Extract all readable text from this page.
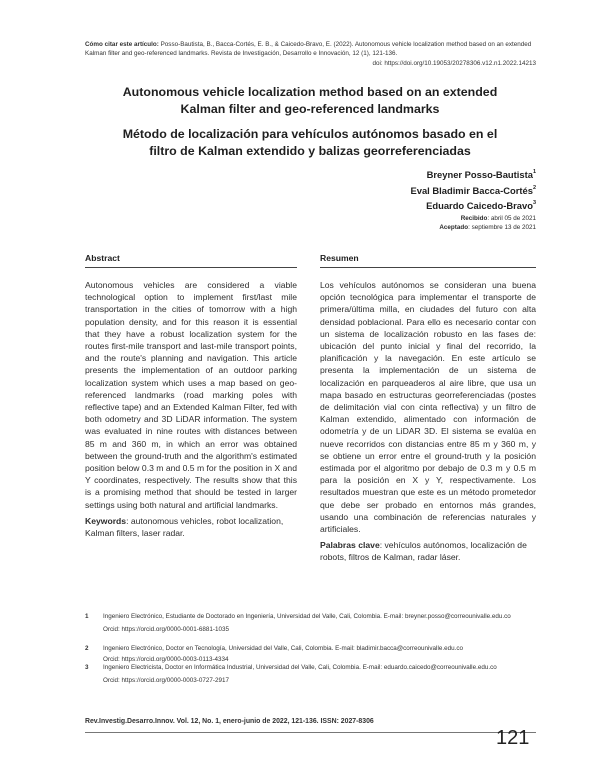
Cómo citar este artículo: Posso-Bautista, B., Bacca-Cortés, E. B., & Caicedo-Bravo, E. (2022). Autonomous vehicle localization method based on an extended Kalman filter and geo-referenced landmarks. Revista de Investigación, Desarrollo e Innovación, 12 (1), 121-136.
doi: https://doi.org/10.19053/20278306.v12.n1.2022.14213
Autonomous vehicle localization method based on an extended Kalman filter and geo-referenced landmarks
Método de localización para vehículos autónomos basado en el filtro de Kalman extendido y balizas georreferenciadas
Breyner Posso-Bautista$^1$
Eval Bladimir Bacca-Cortés$^2$
Eduardo Caicedo-Bravo$^3$
Recibido: abril 05 de 2021
Aceptado: septiembre 13 de 2021
Abstract

Autonomous vehicles are considered a viable technological option to implement first/last mile transportation in the cities of tomorrow with a high population density, and for this reason it is essential that they have a robust localization system for the routes first-mile transport and last-mile transport points, and the route's planning and navigation. This article presents the implementation of an outdoor parking localization system which uses a map based on geo-referenced landmarks (road marking poles with reflective tape) and an Extended Kalman Filter, fed with both odometry and 3D LiDAR information. The system was evaluated in nine routes with distances between 85 m and 360 m, in which an error was obtained between the ground-truth and the algorithm's estimated position below 0.3 m and 0.5 m for the position in X and Y coordinates, respectively. The results show that this is a promising method that should be tested in larger settings using both natural and artificial landmarks.

Keywords: autonomous vehicles, robot localization, Kalman filters, laser radar.

Resumen

Los vehículos autónomos se consideran una buena opción tecnológica para implementar el transporte de primera/última milla, en ciudades del futuro con alta densidad poblacional. Para ello es necesario contar con un sistema de localización robusto en las fases de: ubicación del punto inicial y final del recorrido, la planificación y la navegación. En este artículo se presenta la implementación de un sistema de localización en parqueaderos al aire libre, que usa un mapa basado en estructuras georreferenciadas (postes de delimitación vial con cinta reflectiva) y un filtro de Kalman extendido, alimentado con información de odometría y de un LiDAR 3D. El sistema se evalúa en nueve recorridos con distancias entre 85 m y 360 m, y se obtiene un error entre el ground-truth y la posición estimada por el algoritmo por debajo de 0.3 m y 0.5 m para la posición en X y Y, respectivamente. Los resultados muestran que este es un método prometedor que debe ser probado en entornos más grandes, usando una combinación de referencias naturales y artificiales.

Palabras clave: vehículos autónomos, localización de robots, filtros de Kalman, radar láser.

1 Ingeniero Electrónico, Estudiante de Doctorado en Ingeniería, Universidad del Valle, Cali, Colombia. E-mail: breyner.posso@correounivalle.edu.co
Orcid: https://orcid.org/0000-0001-6881-1035
2 Ingeniero Electrónico, Doctor en Tecnología, Universidad del Valle, Cali, Colombia. E-mail: bladimir.bacca@correounivalle.edu.co
Orcid: https://orcid.org/0000-0003-0113-4334
3 Ingeniero Electricista, Doctor en Informática Industrial, Universidad del Valle, Cali, Colombia. E-mail: eduardo.caicedo@correounivalle.edu.co
Orcid: https://orcid.org/0000-0003-0727-2917
Rev.Investig.Desarro.Innov. Vol. 12, No. 1, enero-junio de 2022, 121-136. ISSN: 2027-8306
121
